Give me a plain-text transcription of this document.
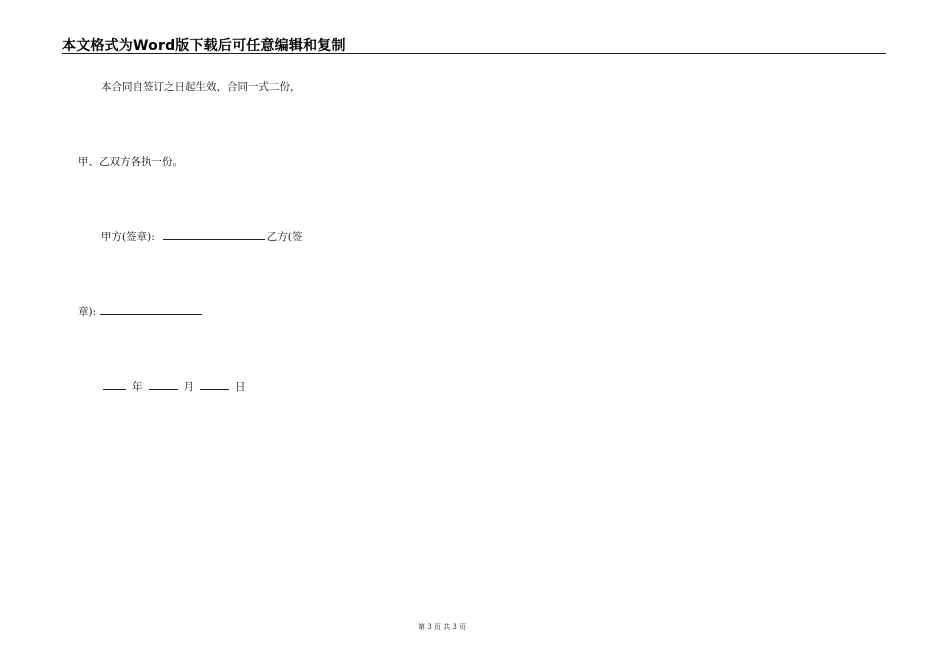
本文格式为Word版下载后可任意编辑和复制
本合同自签订之日起生效，合同一式二份，
甲、乙双方各执一份。
甲方(签章):	乙方(签
章):
年	月	日
第 3 页 共 3 页
